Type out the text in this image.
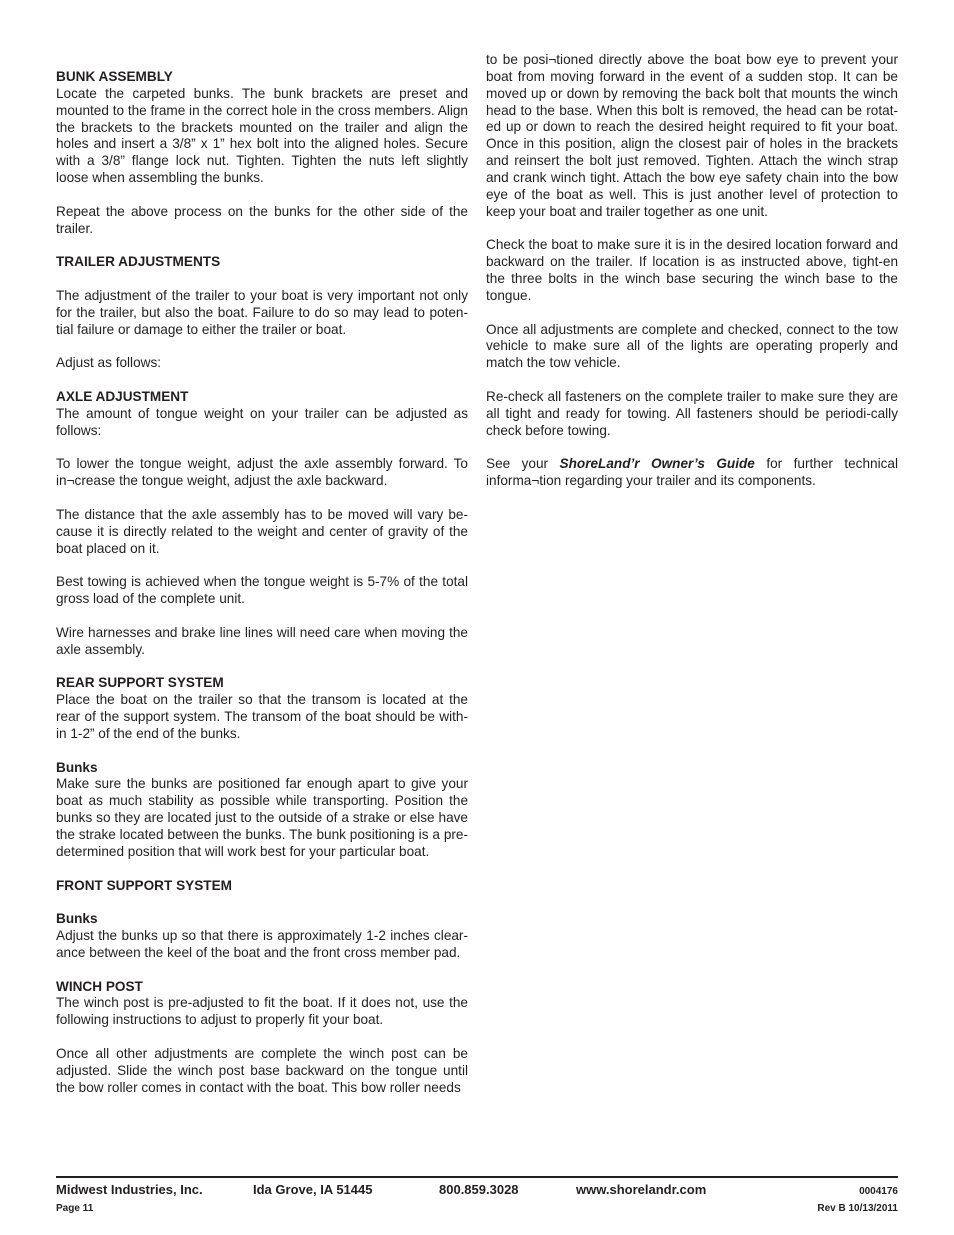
BUNK ASSEMBLY

Locate the carpeted bunks. The bunk brackets are preset and mounted to the frame in the correct hole in the cross members. Align the brackets to the brackets mounted on the trailer and align the holes and insert a 3/8” x 1” hex bolt into the aligned holes. Secure with a 3/8” flange lock nut. Tighten. Tighten the nuts left slightly loose when assembling the bunks.

Repeat the above process on the bunks for the other side of the trailer.

TRAILER ADJUSTMENTS

The adjustment of the trailer to your boat is very important not only for the trailer, but also the boat. Failure to do so may lead to poten-tial failure or damage to either the trailer or boat.

Adjust as follows:

AXLE ADJUSTMENT

The amount of tongue weight on your trailer can be adjusted as follows:

To lower the tongue weight, adjust the axle assembly forward. To in¬crease the tongue weight, adjust the axle backward.

The distance that the axle assembly has to be moved will vary be-cause it is directly related to the weight and center of gravity of the boat placed on it.

Best towing is achieved when the tongue weight is 5-7% of the total gross load of the complete unit.

Wire harnesses and brake line lines will need care when moving the axle assembly.

REAR SUPPORT SYSTEM

Place the boat on the trailer so that the transom is located at the rear of the support system. The transom of the boat should be with-in 1-2” of the end of the bunks.

Bunks

Make sure the bunks are positioned far enough apart to give your boat as much stability as possible while transporting. Position the bunks so they are located just to the outside of a strake or else have the strake located between the bunks. The bunk positioning is a pre-determined position that will work best for your particular boat.

FRONT SUPPORT SYSTEM

Bunks

Adjust the bunks up so that there is approximately 1-2 inches clear-ance between the keel of the boat and the front cross member pad.

WINCH POST

The winch post is pre-adjusted to fit the boat. If it does not, use the following instructions to adjust to properly fit your boat.

Once all other adjustments are complete the winch post can be adjusted. Slide the winch post base backward on the tongue until the bow roller comes in contact with the boat. This bow roller needs

to be posi¬tioned directly above the boat bow eye to prevent your boat from moving forward in the event of a sudden stop. It can be moved up or down by removing the back bolt that mounts the winch head to the base. When this bolt is removed, the head can be rotat-ed up or down to reach the desired height required to fit your boat. Once in this position, align the closest pair of holes in the brackets and reinsert the bolt just removed. Tighten. Attach the winch strap and crank winch tight. Attach the bow eye safety chain into the bow eye of the boat as well. This is just another level of protection to keep your boat and trailer together as one unit.

Check the boat to make sure it is in the desired location forward and backward on the trailer. If location is as instructed above, tight-en the three bolts in the winch base securing the winch base to the tongue.

Once all adjustments are complete and checked, connect to the tow vehicle to make sure all of the lights are operating properly and match the tow vehicle.

Re-check all fasteners on the complete trailer to make sure they are all tight and ready for towing. All fasteners should be periodi-cally check before towing.

See your ShoreLand’r Owner’s Guide for further technical informa¬tion regarding your trailer and its components.

Midwest Industries, Inc.	Ida Grove, IA 51445	800.859.3028	www.shorelandr.com	0004176
Page 11	Rev B 10/13/2011
